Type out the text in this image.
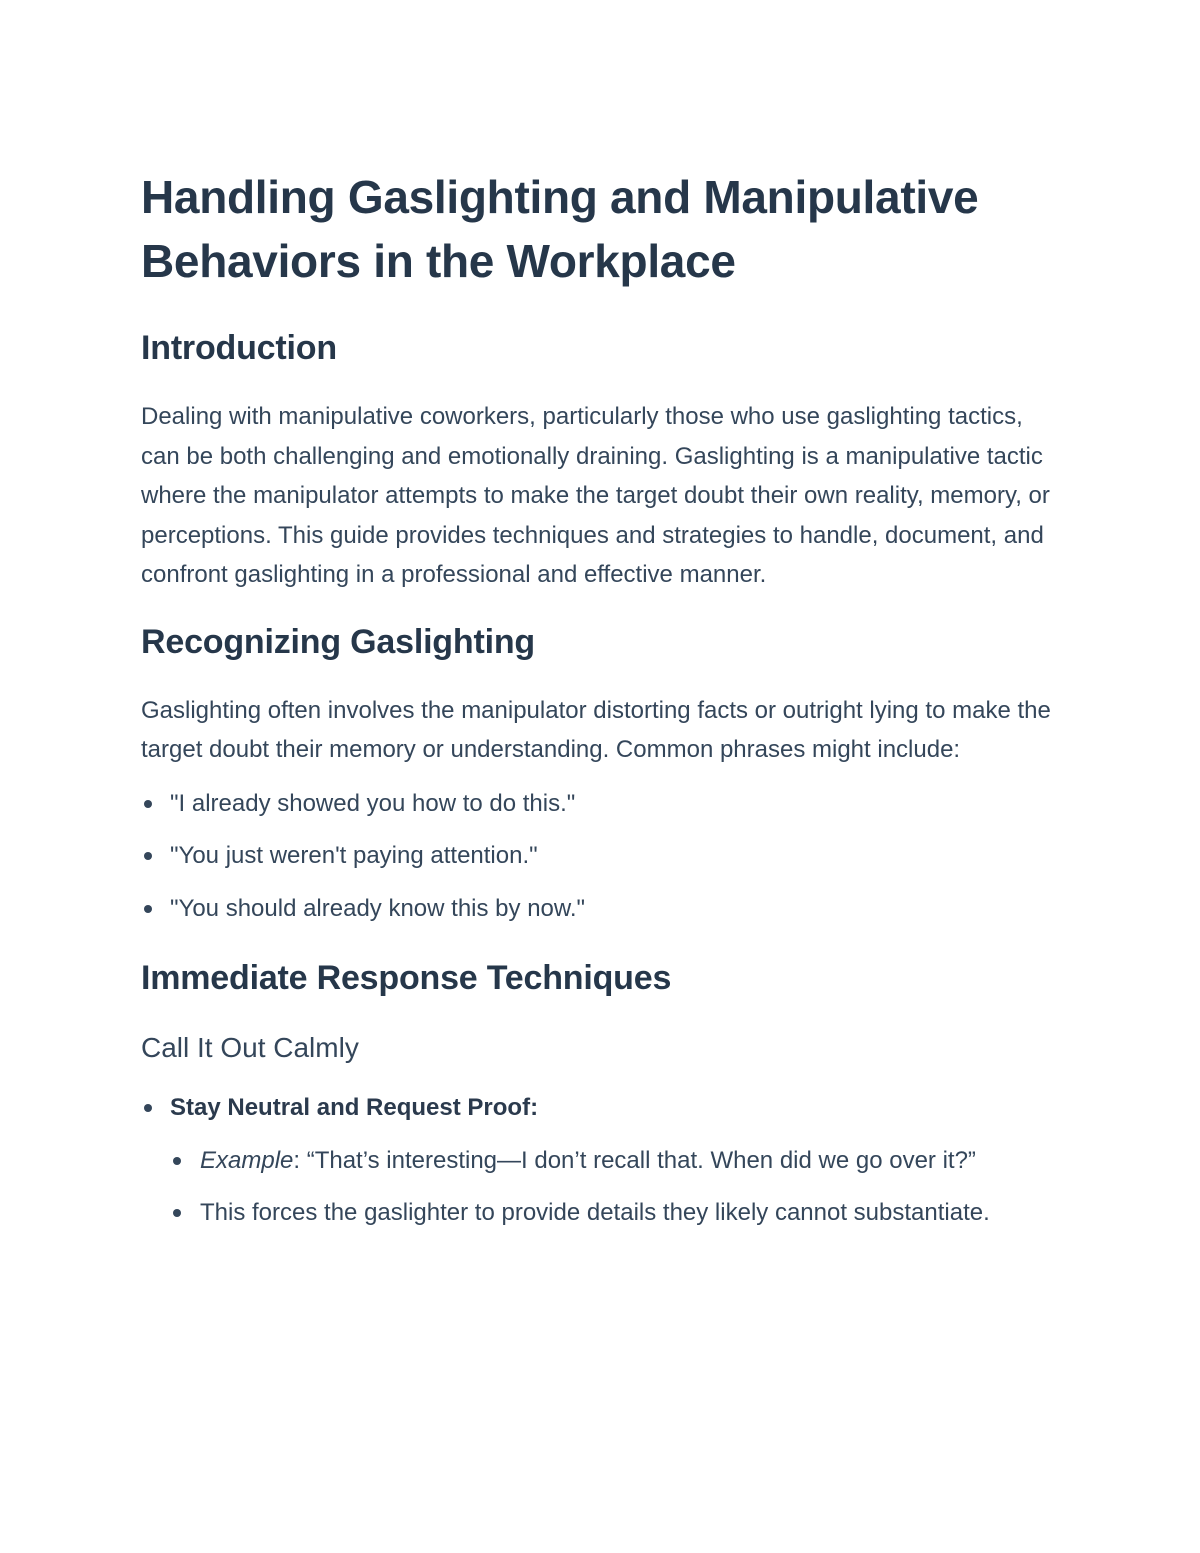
Handling Gaslighting and Manipulative Behaviors in the Workplace
Introduction

Dealing with manipulative coworkers, particularly those who use gaslighting tactics, can be both challenging and emotionally draining. Gaslighting is a manipulative tactic where the manipulator attempts to make the target doubt their own reality, memory, or perceptions. This guide provides techniques and strategies to handle, document, and confront gaslighting in a professional and effective manner.

Recognizing Gaslighting

Gaslighting often involves the manipulator distorting facts or outright lying to make the target doubt their memory or understanding. Common phrases might include:

"I already showed you how to do this."
"You just weren't paying attention."
"You should already know this by now."
Immediate Response Techniques
Call It Out Calmly
Stay Neutral and Request Proof:
Example: “That’s interesting—I don’t recall that. When did we go over it?”
This forces the gaslighter to provide details they likely cannot substantiate.
